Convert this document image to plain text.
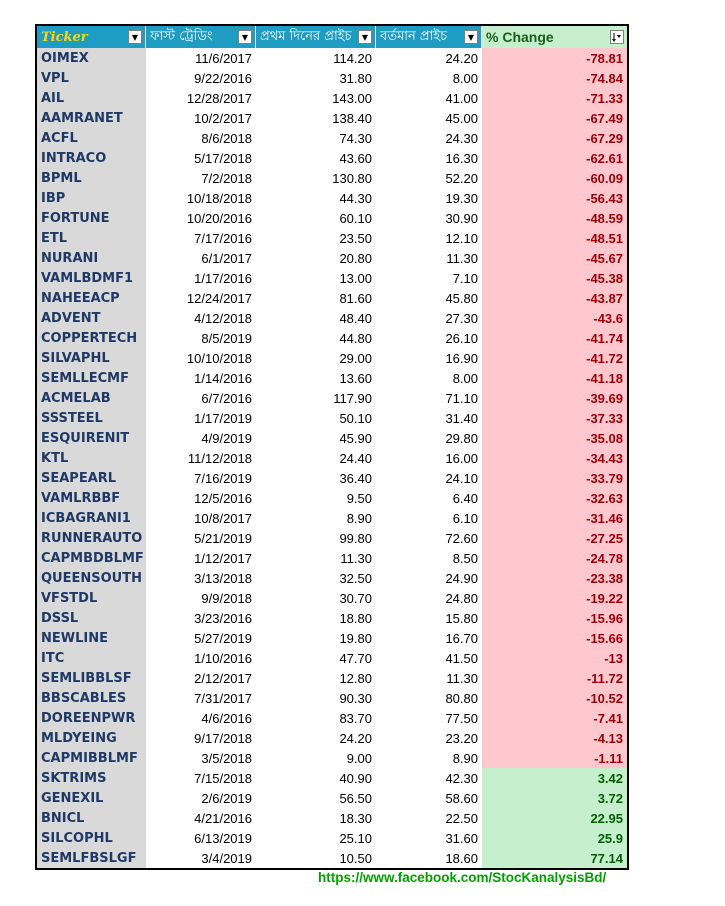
Ticker	▼ ফাস্ট ট্রেডিং	▼ প্রথম দিনের প্রাইচ	▼ বর্তমান প্রাইচ	▼ % Change
OIMEX	11/6/2017	114.20	24.20	-78.81
VPL	9/22/2016	31.80	8.00	-74.84
AIL	12/28/2017	143.00	41.00	-71.33
AAMRANET	10/2/2017	138.40	45.00	-67.49
ACFL	8/6/2018	74.30	24.30	-67.29
INTRACO	5/17/2018	43.60	16.30	-62.61
BPML	7/2/2018	130.80	52.20	-60.09
IBP	10/18/2018	44.30	19.30	-56.43
FORTUNE	10/20/2016	60.10	30.90	-48.59
ETL	7/17/2016	23.50	12.10	-48.51
NURANI	6/1/2017	20.80	11.30	-45.67
VAMLBDMF1	1/17/2016	13.00	7.10	-45.38
NAHEEACP	12/24/2017	81.60	45.80	-43.87
ADVENT	4/12/2018	48.40	27.30	-43.6
COPPERTECH	8/5/2019	44.80	26.10	-41.74
SILVAPHL	10/10/2018	29.00	16.90	-41.72
SEMLLECMF	1/14/2016	13.60	8.00	-41.18
ACMELAB	6/7/2016	117.90	71.10	-39.69
SSSTEEL	1/17/2019	50.10	31.40	-37.33
ESQUIRENIT	4/9/2019	45.90	29.80	-35.08
KTL	11/12/2018	24.40	16.00	-34.43
SEAPEARL	7/16/2019	36.40	24.10	-33.79
VAMLRBBF	12/5/2016	9.50	6.40	-32.63
ICBAGRANI1	10/8/2017	8.90	6.10	-31.46
RUNNERAUTO	5/21/2019	99.80	72.60	-27.25
CAPMBDBLMF	1/12/2017	11.30	8.50	-24.78
QUEENSOUTH	3/13/2018	32.50	24.90	-23.38
VFSTDL	9/9/2018	30.70	24.80	-19.22
DSSL	3/23/2016	18.80	15.80	-15.96
NEWLINE	5/27/2019	19.80	16.70	-15.66
ITC	1/10/2016	47.70	41.50	-13
SEMLIBBLSF	2/12/2017	12.80	11.30	-11.72
BBSCABLES	7/31/2017	90.30	80.80	-10.52
DOREENPWR	4/6/2016	83.70	77.50	-7.41
MLDYEING	9/17/2018	24.20	23.20	-4.13
CAPMIBBLMF	3/5/2018	9.00	8.90	-1.11
SKTRIMS	7/15/2018	40.90	42.30	3.42
GENEXIL	2/6/2019	56.50	58.60	3.72
BNICL	4/21/2016	18.30	22.50	22.95
SILCOPHL	6/13/2019	25.10	31.60	25.9
SEMLFBSLGF	3/4/2019	10.50	18.60	77.14
https://www.facebook.com/StocKanalysisBd/
